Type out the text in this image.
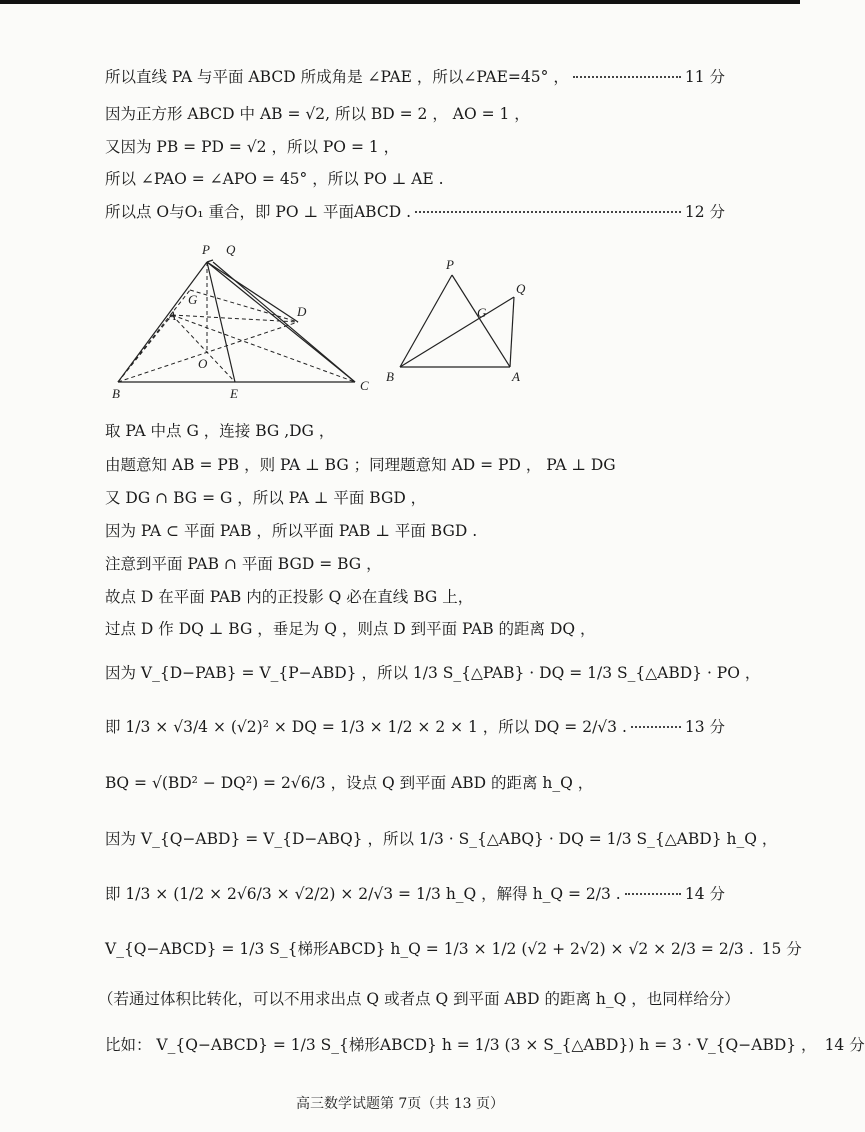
所以直线 PA 与平面 ABCD 所成角是 ∠PAE ，所以∠PAE=45° ，	11 分
因为正方形 ABCD 中 AB = √2, 所以 BD = 2 ， AO = 1 ，
又因为 PB = PD = √2 ，所以 PO = 1 ，
所以 ∠PAO = ∠APO = 45° ，所以 PO ⊥ AE .
所以点 O与O₁ 重合，即 PO ⊥ 平面ABCD .	12 分
P Q
G
A	D
O
B	E
C
P
Q
G
B	A
取 PA 中点 G ，连接 BG ,DG ，
由题意知 AB = PB ，则 PA ⊥ BG ；同理题意知 AD = PD ， PA ⊥ DG
又 DG ∩ BG = G ，所以 PA ⊥ 平面 BGD ，
因为 PA ⊂ 平面 PAB ，所以平面 PAB ⊥ 平面 BGD .
注意到平面 PAB ∩ 平面 BGD = BG ，
故点 D 在平面 PAB 内的正投影 Q 必在直线 BG 上，
过点 D 作 DQ ⊥ BG ，垂足为 Q ，则点 D 到平面 PAB 的距离 DQ ，
因为 V_{D−PAB} = V_{P−ABD} ，所以 1/3 S_{△PAB} · DQ = 1/3 S_{△ABD} · PO ，
即 1/3 × √3/4 × (√2)² × DQ = 1/3 × 1/2 × 2 × 1 ，所以 DQ = 2/√3 .	13 分
BQ = √(BD² − DQ²) = 2√6/3 ，设点 Q 到平面 ABD 的距离 h_Q ，
因为 V_{Q−ABD} = V_{D−ABQ} ，所以 1/3 · S_{△ABQ} · DQ = 1/3 S_{△ABD} h_Q ，
即 1/3 × (1/2 × 2√6/3 × √2/2) × 2/√3 = 1/3 h_Q ，解得 h_Q = 2/3 .	14 分
V_{Q−ABCD} = 1/3 S_{梯形ABCD} h_Q = 1/3 × 1/2 (√2 + 2√2) × √2 × 2/3 = 2/3 . 15 分
（若通过体积比转化，可以不用求出点 Q 或者点 Q 到平面 ABD 的距离 h_Q ，也同样给分）
比如： V_{Q−ABCD} = 1/3 S_{梯形ABCD} h = 1/3 (3 × S_{△ABD}) h = 3 · V_{Q−ABD} ， 14 分
高三数学试题第 7页（共 13 页）
